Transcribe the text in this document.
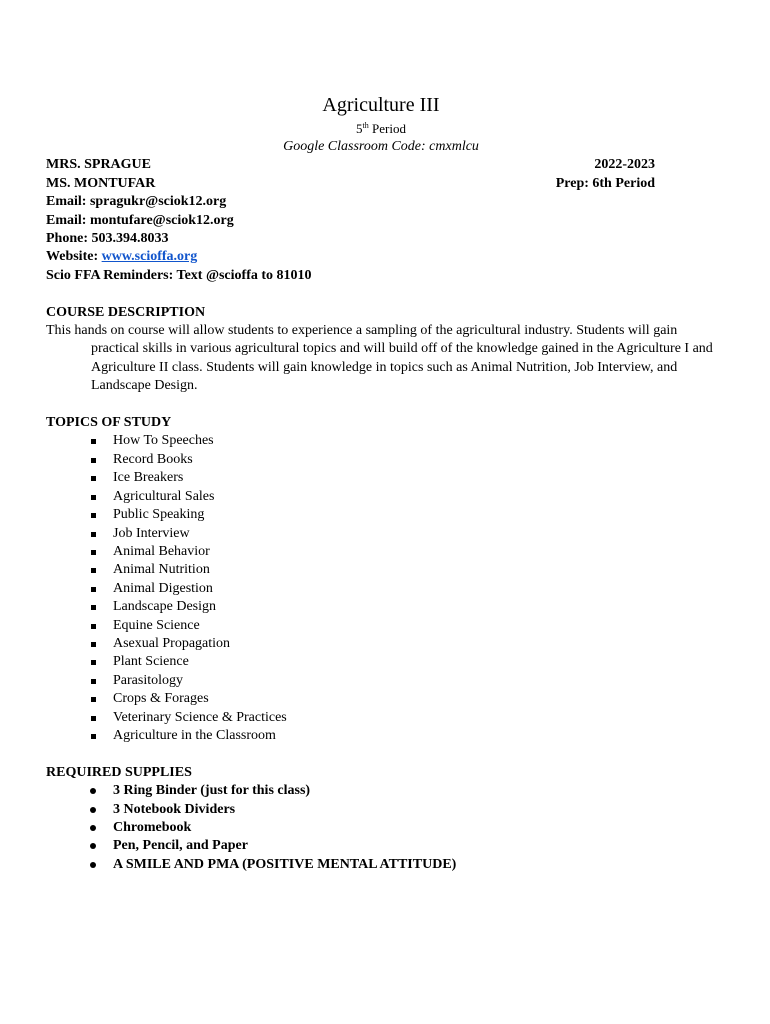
Agriculture III
5th Period
Google Classroom Code: cmxmlcu
MRS. SPRAGUE	2022-2023
MS. MONTUFAR	Prep: 6th Period
Email: spragukr@sciok12.org
Email: montufare@sciok12.org
Phone: 503.394.8033
Website: www.scioffa.org
Scio FFA Reminders: Text @scioffa to 81010
COURSE DESCRIPTION

This hands on course will allow students to experience a sampling of the agricultural industry. Students will gain practical skills in various agricultural topics and will build off of the knowledge gained in the Agriculture I and Agriculture II class. Students will gain knowledge in topics such as Animal Nutrition, Job Interview, and Landscape Design.

TOPICS OF STUDY
How To Speeches
Record Books
Ice Breakers
Agricultural Sales
Public Speaking
Job Interview
Animal Behavior
Animal Nutrition
Animal Digestion
Landscape Design
Equine Science
Asexual Propagation
Plant Science
Parasitology
Crops & Forages
Veterinary Science & Practices
Agriculture in the Classroom
REQUIRED SUPPLIES
3 Ring Binder (just for this class)
3 Notebook Dividers
Chromebook
Pen, Pencil, and Paper
A SMILE AND PMA (POSITIVE MENTAL ATTITUDE)
